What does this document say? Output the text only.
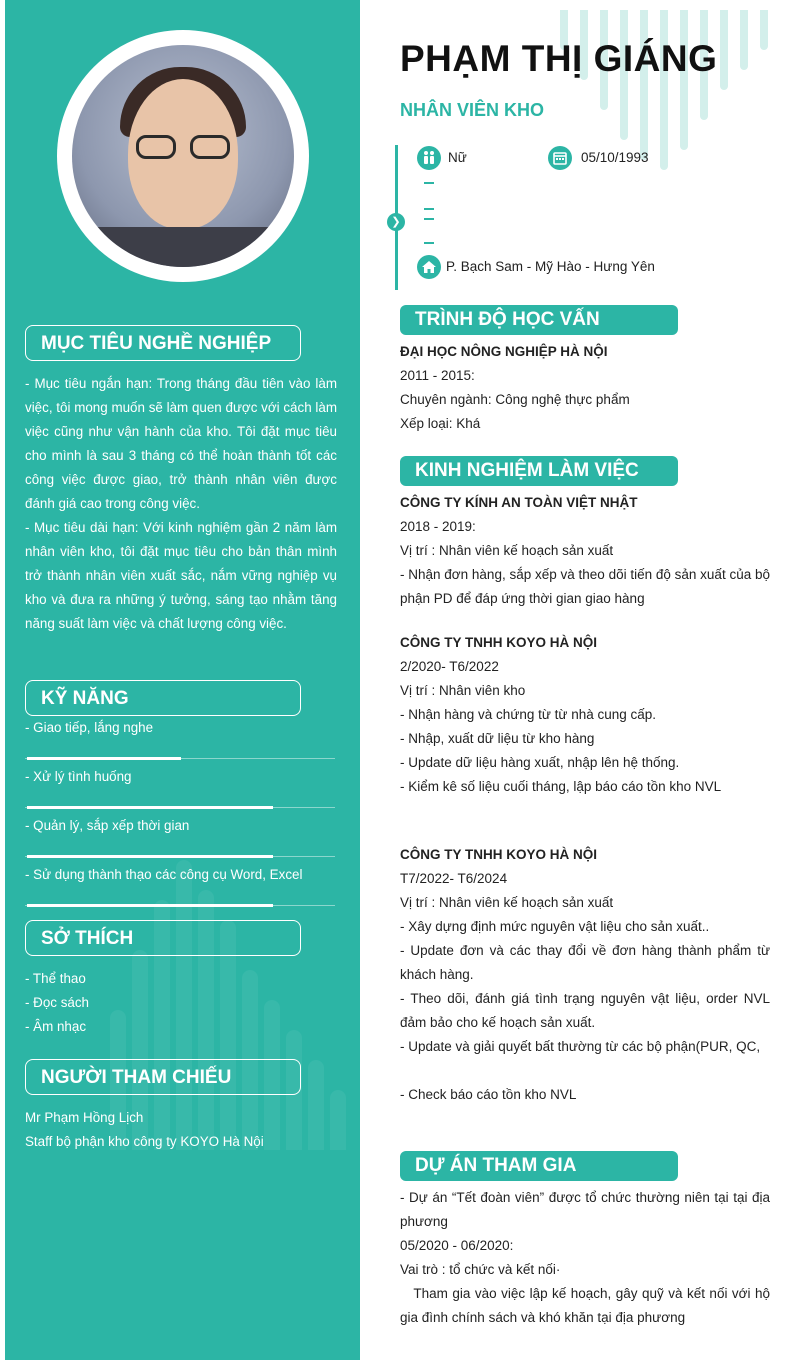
MỤC TIÊU NGHỀ NGHIỆP
- Mục tiêu ngắn hạn: Trong tháng đầu tiên vào làm việc, tôi mong muốn sẽ làm quen được với cách làm việc cũng như vận hành của kho. Tôi đặt mục tiêu cho mình là sau 3 tháng có thể hoàn thành tốt các công việc được giao, trở thành nhân viên được đánh giá cao trong công việc.
- Mục tiêu dài hạn: Với kinh nghiệm gần 2 năm làm nhân viên kho, tôi đặt mục tiêu cho bản thân mình trở thành nhân viên xuất sắc, nắm vững nghiệp vụ kho và đưa ra những ý tưởng, sáng tạo nhằm tăng năng suất làm việc và chất lượng công việc.
KỸ NĂNG
- Giao tiếp, lắng nghe
- Xử lý tình huống
- Quản lý, sắp xếp thời gian
- Sử dụng thành thạo các công cụ Word, Excel
SỞ THÍCH
- Thể thao
- Đọc sách
- Âm nhạc
NGƯỜI THAM CHIẾU
Mr Phạm Hồng Lịch
Staff bộ phận kho công ty KOYO Hà Nội
PHẠM THỊ GIÁNG
NHÂN VIÊN KHO
❯
Nữ	05/10/1993
P. Bạch Sam - Mỹ Hào - Hưng Yên
TRÌNH ĐỘ HỌC VẤN

ĐẠI HỌC NÔNG NGHIỆP HÀ NỘI

2011 - 2015:

Chuyên ngành: Công nghệ thực phẩm

Xếp loại: Khá

KINH NGHIỆM LÀM VIỆC

CÔNG TY KÍNH AN TOÀN VIỆT NHẬT

2018 - 2019:

Vị trí : Nhân viên kế hoạch sản xuất

- Nhận đơn hàng, sắp xếp và theo dõi tiến độ sản xuất của bộ phận PD để đáp ứng thời gian giao hàng

CÔNG TY TNHH KOYO HÀ NỘI

2/2020- T6/2022

Vị trí : Nhân viên kho

- Nhận hàng và chứng từ từ nhà cung cấp.

- Nhập, xuất dữ liệu từ kho hàng

- Update dữ liệu hàng xuất, nhập lên hệ thống.

- Kiểm kê số liệu cuối tháng, lập báo cáo tồn kho NVL

CÔNG TY TNHH KOYO HÀ NỘI

T7/2022- T6/2024

Vị trí : Nhân viên kế hoạch sản xuất

- Xây dựng định mức nguyên vật liệu cho sản xuất..

- Update đơn và các thay đổi về đơn hàng thành phẩm từ khách hàng.

- Theo dõi, đánh giá tình trạng nguyên vật liệu, order NVL đảm bảo cho kế hoạch sản xuất.

- Update và giải quyết bất thường từ các bộ phận(PUR, QC,

- Check báo cáo tồn kho NVL

DỰ ÁN THAM GIA

- Dự án “Tết đoàn viên” được tổ chức thường niên tại tại địa phương

05/2020 - 06/2020:

Vai trò : tổ chức và kết nối·

Tham gia vào việc lập kế hoạch, gây quỹ và kết nối với hộ gia đình chính sách và khó khăn tại địa phương
